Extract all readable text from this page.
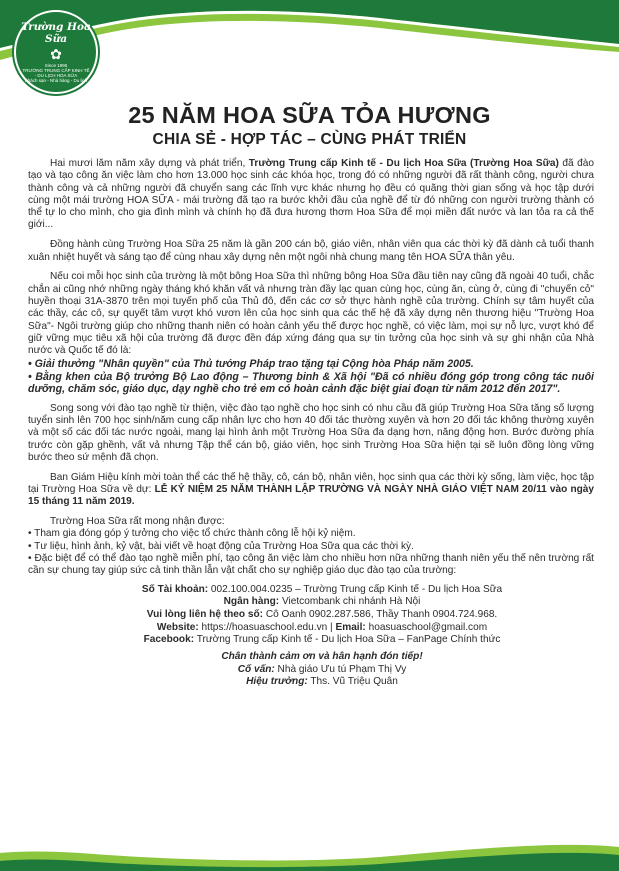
Trường Hoa Sữa
✿
Since 1996
TRƯỜNG TRUNG CẤP KINH TẾ - DU LỊCH HOA SỮA
Khách sạn - Nhà hàng - Du lịch
25 NĂM HOA SỮA TỎA HƯƠNG
CHIA SẺ - HỢP TÁC – CÙNG PHÁT TRIỂN

Hai mươi lăm năm xây dựng và phát triển, Trường Trung cấp Kinh tế - Du lịch Hoa Sữa (Trường Hoa Sữa) đã đào tạo và tạo công ăn việc làm cho hơn 13.000 học sinh các khóa học, trong đó có những người đã rất thành công, người chưa thành công và cả những người đã chuyển sang các lĩnh vực khác nhưng họ đều có quãng thời gian sống và học tập dưới cùng một mái trường HOA SỮA - mái trường đã tạo ra bước khởi đầu của nghề để từ đó những con người trường thành có thể tự lo cho mình, cho gia đình mình và chính họ đã đưa hương thơm Hoa Sữa để mọi miền đất nước và lan tỏa ra cả thế giới...

Đồng hành cùng Trường Hoa Sữa 25 năm là gần 200 cán bộ, giáo viên, nhân viên qua các thời kỳ đã dành cả tuổi thanh xuân nhiệt huyết và sáng tạo để cùng nhau xây dựng nên một ngôi nhà chung mang tên HOA SỮA thân yêu.

Nếu coi mỗi học sinh của trường là một bông Hoa Sữa thì những bông Hoa Sữa đầu tiên nay cũng đã ngoài 40 tuổi, chắc chắn ai cũng nhớ những ngày tháng khó khăn vất vả nhưng tràn đầy lạc quan cùng học, cùng ăn, cùng ở, cùng đi "chuyến cỏ" huyền thoại 31A-3870 trên mọi tuyến phố của Thủ đô, đến các cơ sở thực hành nghề của trường. Chính sự tâm huyết của các thầy, các cô, sự quyết tâm vượt khó vươn lên của học sinh qua các thế hệ đã xây dựng nên thương hiệu "Trường Hoa Sữa"- Ngôi trường giúp cho những thanh niên có hoàn cảnh yếu thế được học nghề, có việc làm, mọi sự nỗ lực, vượt khó để giữ vững mục tiêu xã hội của trường đã được đền đáp xứng đáng qua sự tin tưởng của học sinh và sự ghi nhận của Nhà nước và Quốc tế đó là:

• Giải thưởng "Nhân quyền" của Thủ tướng Pháp trao tặng tại Cộng hòa Pháp năm 2005.
• Bằng khen của Bộ trưởng Bộ Lao động – Thương binh & Xã hội "Đã có nhiều đóng góp trong công tác nuôi dưỡng, chăm sóc, giáo dục, dạy nghề cho trẻ em có hoàn cảnh đặc biệt giai đoạn từ năm 2012 đến 2017".

Song song với đào tạo nghề từ thiện, việc đào tạo nghề cho học sinh có nhu cầu đã giúp Trường Hoa Sữa tăng số lượng tuyển sinh lên 700 học sinh/năm cung cấp nhân lực cho hơn 40 đối tác thường xuyên và hơn 20 đối tác không thường xuyên và một số các đối tác nước ngoài, mang lại hình ảnh một Trường Hoa Sữa đa dạng hơn, năng động hơn. Bước đường phía trước còn gặp ghềnh, vất vả nhưng Tập thể cán bộ, giáo viên, học sinh Trường Hoa Sữa hiện tại sẽ luôn đồng lòng vững bước theo sứ mệnh đã chọn.

Ban Giám Hiệu kính mời toàn thể các thế hệ thầy, cô, cán bộ, nhân viên, học sinh qua các thời kỳ sống, làm việc, học tập tại Trường Hoa Sữa về dự: LỄ KỶ NIỆM 25 NĂM THÀNH LẬP TRƯỜNG VÀ NGÀY NHÀ GIÁO VIỆT NAM 20/11 vào ngày 15 tháng 11 năm 2019.

Trường Hoa Sữa rất mong nhận được:

• Tham gia đóng góp ý tưởng cho việc tổ chức thành công lễ hội kỷ niệm.

• Tư liệu, hình ảnh, kỷ vật, bài viết về hoạt động của Trường Hoa Sữa qua các thời kỳ.

• Đặc biệt để có thể đào tạo nghề miễn phí, tạo công ăn việc làm cho nhiều hơn nữa những thanh niên yếu thế nên trường rất cần sự chung tay giúp sức cả tinh thần lẫn vật chất cho sự nghiệp giáo dục đào tạo của trường:

Số Tài khoản: 002.100.004.0235 – Trường Trung cấp Kinh tế - Du lịch Hoa Sữa

Ngân hàng: Vietcombank chi nhánh Hà Nội

Vui lòng liên hệ theo số: Cô Oanh 0902.287.586, Thầy Thanh 0904.724.968.

Website: https://hoasuaschool.edu.vn | Email: hoasuaschool@gmail.com

Facebook: Trường Trung cấp Kinh tế - Du lịch Hoa Sữa – FanPage Chính thức

Chân thành cảm ơn và hân hạnh đón tiếp!

Cố vấn: Nhà giáo Ưu tú Phạm Thị Vy

Hiệu trưởng: Ths. Vũ Triệu Quân
